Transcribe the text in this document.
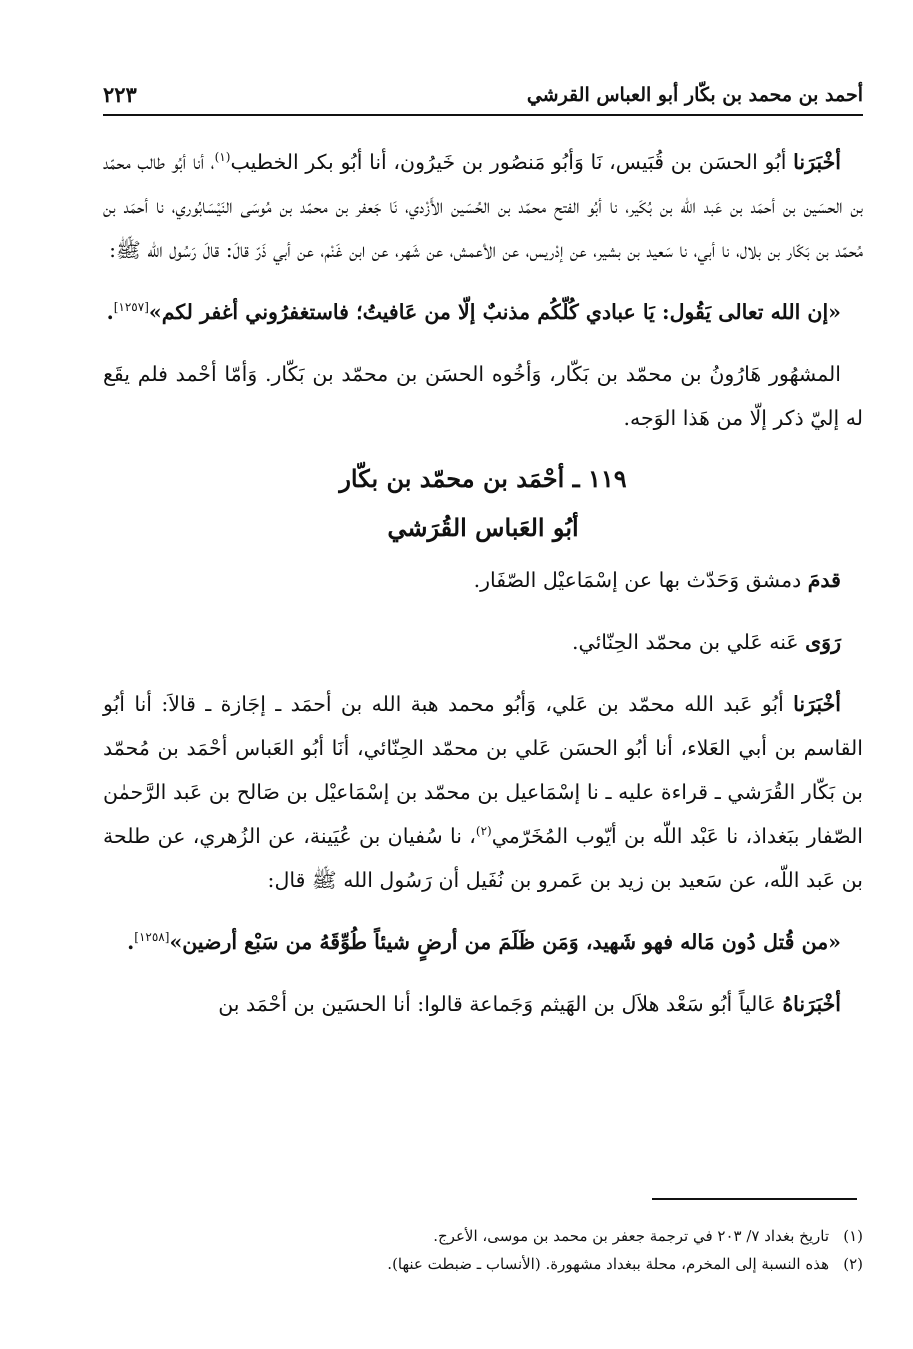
أحمد بن محمد بن بكّار أبو العباس القرشي
٢٢٣

أخْبَرَنا أبُو الحسَن بن قُبَيس، نَا وَأبُو مَنصُور بن خَيرُون، أنا أبُو بكر الخطيب$^{(١)}$، أنا أبُو طالب محمّد بن الحسَين بن أحمَد بن عَبد اللّه بن بُكَير، نا أبُو الفتح محمّد بن الحُسَين الأَزْدي، نَا جَعفر بن محمّد بن مُوسَى النَيْسَابُوري، نا أحمَد بن مُحمّد بن بَكّار بن بلال، نا أبي، نا سَعيد بن بشير، عن إدْريس، عن الأعمش، عن شَهر، عن ابن غَنْم، عن أبي ذَرّ قالَ: قالَ رَسُول الله ﷺ:

«إن الله تعالى يَقُول: يَا عبادي كُلّكُم مذنبٌ إلّا من عَافيتُ؛ فاستغفرُوني أغفر لكم»[١٢٥٧].

المشهُور هَارُونُ بن محمّد بن بَكّار، وَأخُوه الحسَن بن محمّد بن بَكّار. وَأمّا أحْمد فلم يقَع له إليّ ذكر إلّا من هَذا الوَجه.

١١٩ ـ أحْمَد بن محمّد بن بكّار
أبُو العَباس القُرَشي

قدمَ دمشق وَحَدّث بها عن إسْمَاعيْل الصّفَار.

رَوَى عَنه عَلي بن محمّد الحِنّائي.

أخْبَرَنا أبُو عَبد الله محمّد بن عَلي، وَأبُو محمد هبة الله بن أحمَد ـ إجَازة ـ قالاَ: أنا أبُو القاسم بن أبي العَلاء، أنا أبُو الحسَن عَلي بن محمّد الحِنّائي، أنَا أبُو العَباس أحْمَد بن مُحمّد بن بَكّار القُرَشي ـ قراءة عليه ـ نا إسْمَاعيل بن محمّد بن إسْمَاعيْل بن صَالح بن عَبد الرَّحمٰن الصّفار ببَغداذ، نا عَبْد اللّه بن أيّوب المُخَرّمي$^{(٢)}$، نا سُفيان بن عُيَينة، عن الزُهري، عن طلحة بن عَبد اللّه، عن سَعيد بن زيد بن عَمرو بن نُفَيل أن رَسُول الله ﷺ قال:

«من قُتل دُون مَاله فهو شَهيد، وَمَن ظَلَمَ من أرضٍ شيئاً طُوِّقَهُ من سَبْع أرضين»[١٢٥٨].

أخْبَرَناهُ عَالياً أبُو سَعْد هلاَل بن الهَيثم وَجَماعة قالوا: أنا الحسَين بن أحْمَد بن

(١)تاريخ بغداد ٧/ ٢٠٣ في ترجمة جعفر بن محمد بن موسى، الأعرج.

(٢)هذه النسبة إلى المخرم، محلة ببغداد مشهورة. (الأنساب ـ ضبطت عنها).
